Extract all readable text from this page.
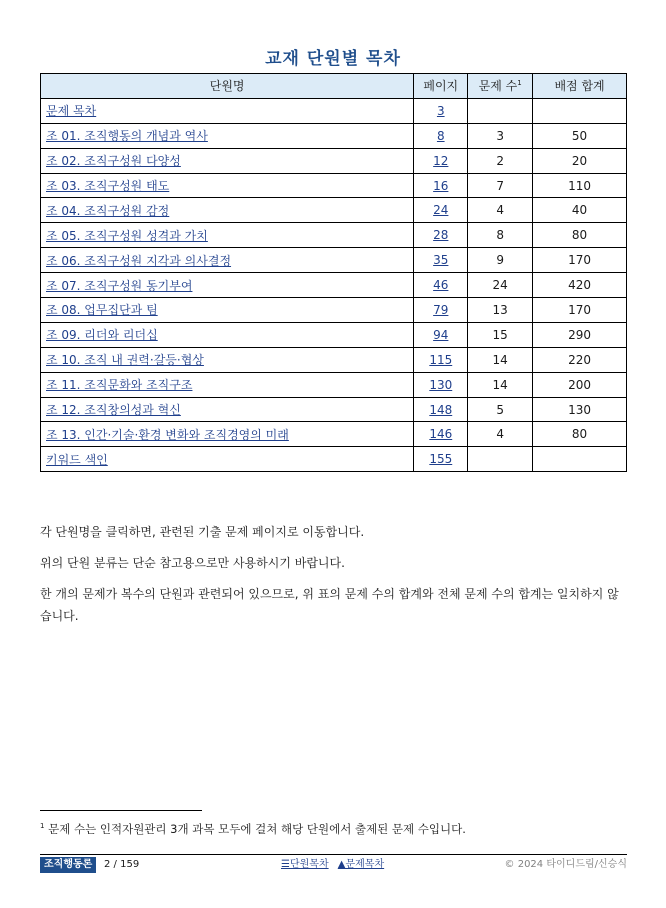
교재 단원별 목차
단원명	페이지	문제 수$^1$	배점 합계
문제 목차	3		
조 01. 조직행동의 개념과 역사	8	3	50
조 02. 조직구성원 다양성	12	2	20
조 03. 조직구성원 태도	16	7	110
조 04. 조직구성원 감정	24	4	40
조 05. 조직구성원 성격과 가치	28	8	80
조 06. 조직구성원 지각과 의사결정	35	9	170
조 07. 조직구성원 동기부여	46	24	420
조 08. 업무집단과 팀	79	13	170
조 09. 리더와 리더십	94	15	290
조 10. 조직 내 권력·갈등·협상	115	14	220
조 11. 조직문화와 조직구조	130	14	200
조 12. 조직창의성과 혁신	148	5	130
조 13. 인간·기술·환경 변화와 조직경영의 미래	146	4	80
키워드 색인	155		

각 단원명을 클릭하면, 관련된 기출 문제 페이지로 이동합니다.

위의 단원 분류는 단순 참고용으로만 사용하시기 바랍니다.

한 개의 문제가 복수의 단원과 관련되어 있으므로, 위 표의 문제 수의 합계와 전체 문제 수의 합계는 일치하지 않습니다.

$^1$ 문제 수는 인적자원관리 3개 과목 모두에 걸쳐 해당 단원에서 출제된 문제 수입니다.
조직행동론	2 / 159	☰단원목차 ▲문제목차	© 2024 타이디드림/신승식
